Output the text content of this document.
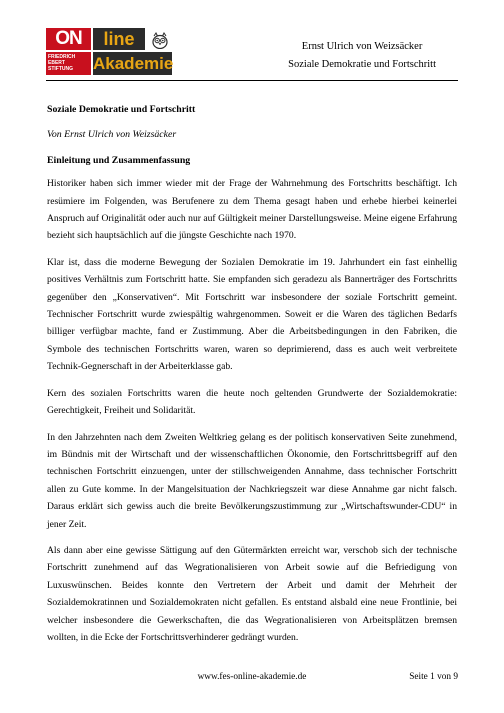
ON	line
FRIEDRICH EBERT STIFTUNG	Akademie
Ernst Ulrich von Weizsäcker
Soziale Demokratie und Fortschritt
Soziale Demokratie und Fortschritt
Von Ernst Ulrich von Weizsäcker
Einleitung und Zusammenfassung

Historiker haben sich immer wieder mit der Frage der Wahrnehmung des Fortschritts beschäftigt. Ich resümiere im Folgenden, was Berufenere zu dem Thema gesagt haben und erhebe hierbei keinerlei Anspruch auf Originalität oder auch nur auf Gültigkeit meiner Darstellungsweise. Meine eigene Erfahrung bezieht sich hauptsächlich auf die jüngste Geschichte nach 1970.

Klar ist, dass die moderne Bewegung der Sozialen Demokratie im 19. Jahrhundert ein fast einhellig positives Verhältnis zum Fortschritt hatte. Sie empfanden sich geradezu als Bannerträger des Fortschritts gegenüber den „Konservativen“. Mit Fortschritt war insbesondere der soziale Fortschritt gemeint. Technischer Fortschritt wurde zwiespältig wahrgenommen. Soweit er die Waren des täglichen Bedarfs billiger verfügbar machte, fand er Zustimmung. Aber die Arbeitsbedingungen in den Fabriken, die Symbole des technischen Fortschritts waren, waren so deprimierend, dass es auch weit verbreitete Technik-Gegnerschaft in der Arbeiterklasse gab.

Kern des sozialen Fortschritts waren die heute noch geltenden Grundwerte der Sozialdemokratie: Gerechtigkeit, Freiheit und Solidarität.

In den Jahrzehnten nach dem Zweiten Weltkrieg gelang es der politisch konservativen Seite zunehmend, im Bündnis mit der Wirtschaft und der wissenschaftlichen Ökonomie, den Fortschrittsbegriff auf den technischen Fortschritt einzuengen, unter der stillschweigenden Annahme, dass technischer Fortschritt allen zu Gute komme. In der Mangelsituation der Nachkriegszeit war diese Annahme gar nicht falsch. Daraus erklärt sich gewiss auch die breite Bevölkerungszustimmung zur „Wirtschaftswunder-CDU“ in jener Zeit.

Als dann aber eine gewisse Sättigung auf den Gütermärkten erreicht war, verschob sich der technische Fortschritt zunehmend auf das Wegrationalisieren von Arbeit sowie auf die Befriedigung von Luxuswünschen. Beides konnte den Vertretern der Arbeit und damit der Mehrheit der Sozialdemokratinnen und Sozialdemokraten nicht gefallen. Es entstand alsbald eine neue Frontlinie, bei welcher insbesondere die Gewerkschaften, die das Wegrationalisieren von Arbeitsplätzen bremsen wollten, in die Ecke der Fortschrittsverhinderer gedrängt wurden.

www.fes-online-akademie.de	Seite 1 von 9
